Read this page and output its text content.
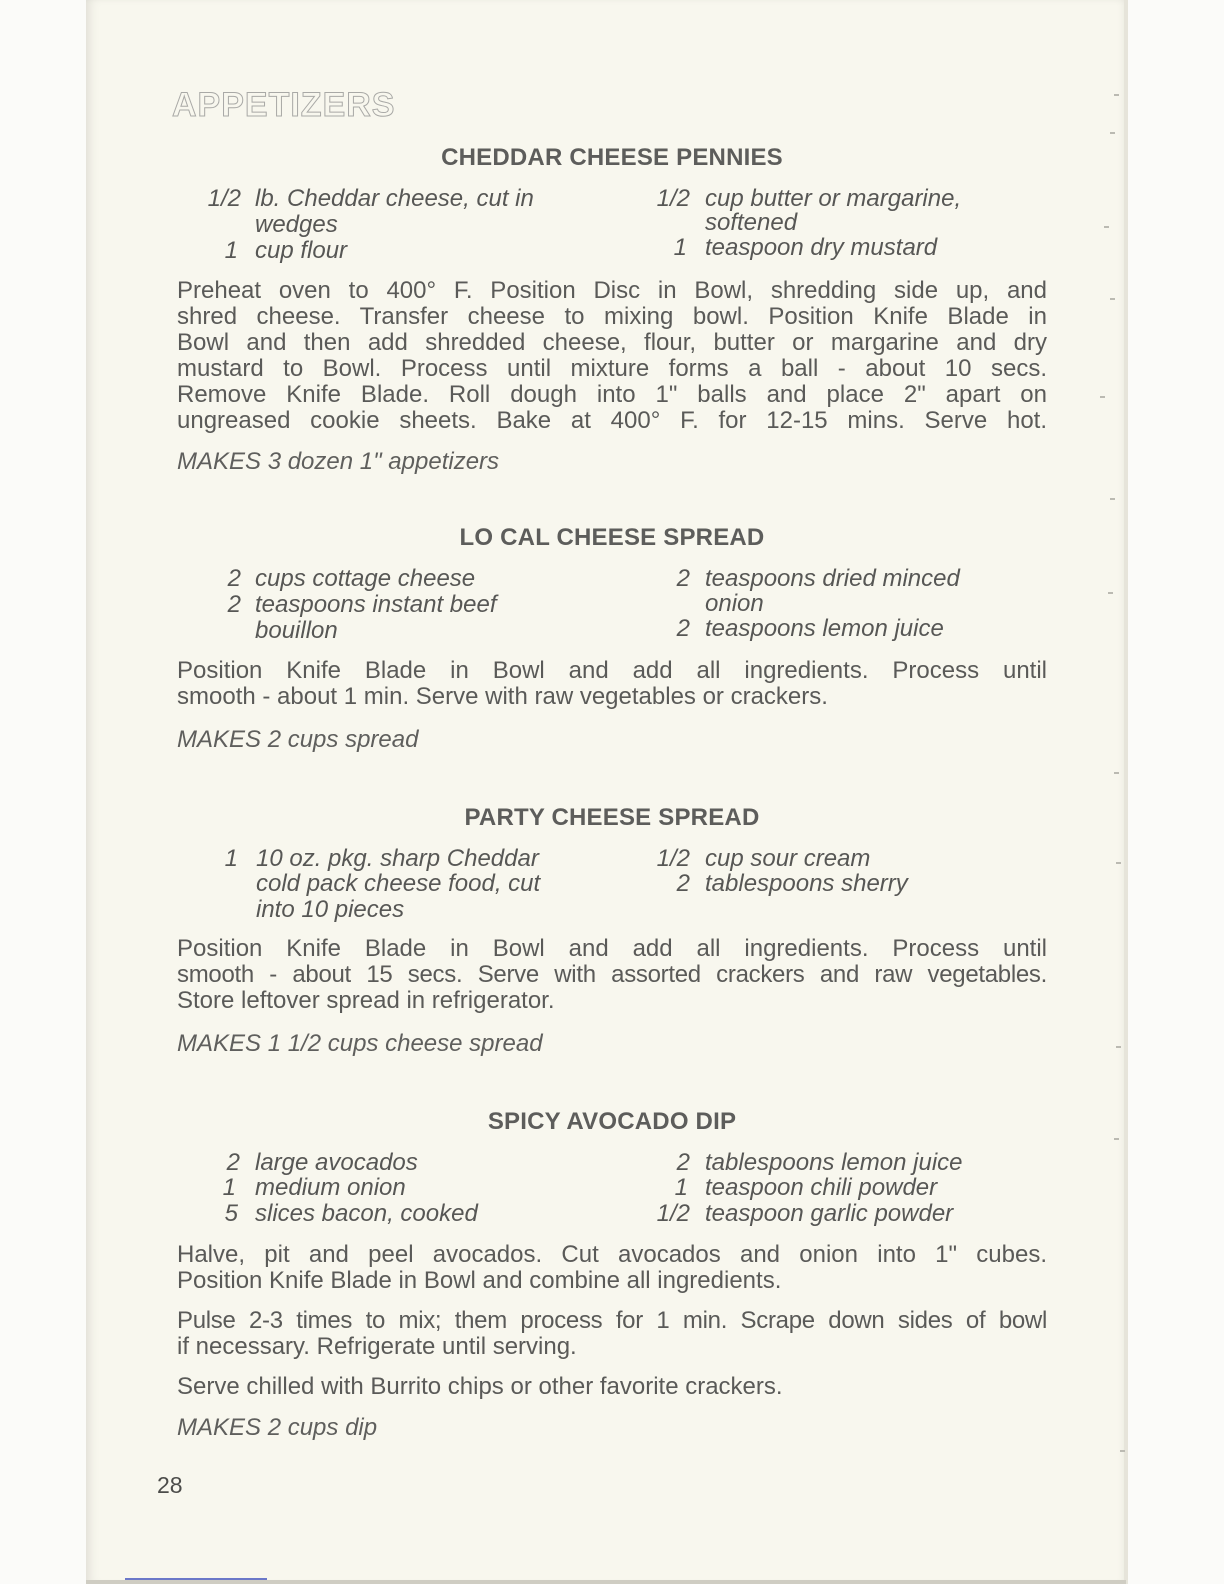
APPETIZERS
CHEDDAR CHEESE PENNIES
1/2 lb. Cheddar cheese, cut in
wedges
1 cup flour
1/2 cup butter or margarine,
softened
1 teaspoon dry mustard
Preheat oven to 400° F. Position Disc in Bowl, shredding side up, and
shred cheese. Transfer cheese to mixing bowl. Position Knife Blade in
Bowl and then add shredded cheese, flour, butter or margarine and dry
mustard to Bowl. Process until mixture forms a ball - about 10 secs.
Remove Knife Blade. Roll dough into 1" balls and place 2" apart on
ungreased cookie sheets. Bake at 400° F. for 12-15 mins. Serve hot.
MAKES 3 dozen 1" appetizers
LO CAL CHEESE SPREAD
2 cups cottage cheese
2 teaspoons instant beef
bouillon
2 teaspoons dried minced
onion
2 teaspoons lemon juice
Position Knife Blade in Bowl and add all ingredients. Process until
smooth - about 1 min. Serve with raw vegetables or crackers.
MAKES 2 cups spread
PARTY CHEESE SPREAD
1 10 oz. pkg. sharp Cheddar
cold pack cheese food, cut
into 10 pieces
1/2 cup sour cream
2 tablespoons sherry
Position Knife Blade in Bowl and add all ingredients. Process until
smooth - about 15 secs. Serve with assorted crackers and raw vegetables.
Store leftover spread in refrigerator.
MAKES 1 1/2 cups cheese spread
SPICY AVOCADO DIP
2 large avocados
1 medium onion
5 slices bacon, cooked
2 tablespoons lemon juice
1 teaspoon chili powder
1/2 teaspoon garlic powder
Halve, pit and peel avocados. Cut avocados and onion into 1" cubes.
Position Knife Blade in Bowl and combine all ingredients.
Pulse 2-3 times to mix; them process for 1 min. Scrape down sides of bowl
if necessary. Refrigerate until serving.
Serve chilled with Burrito chips or other favorite crackers.
MAKES 2 cups dip
28
